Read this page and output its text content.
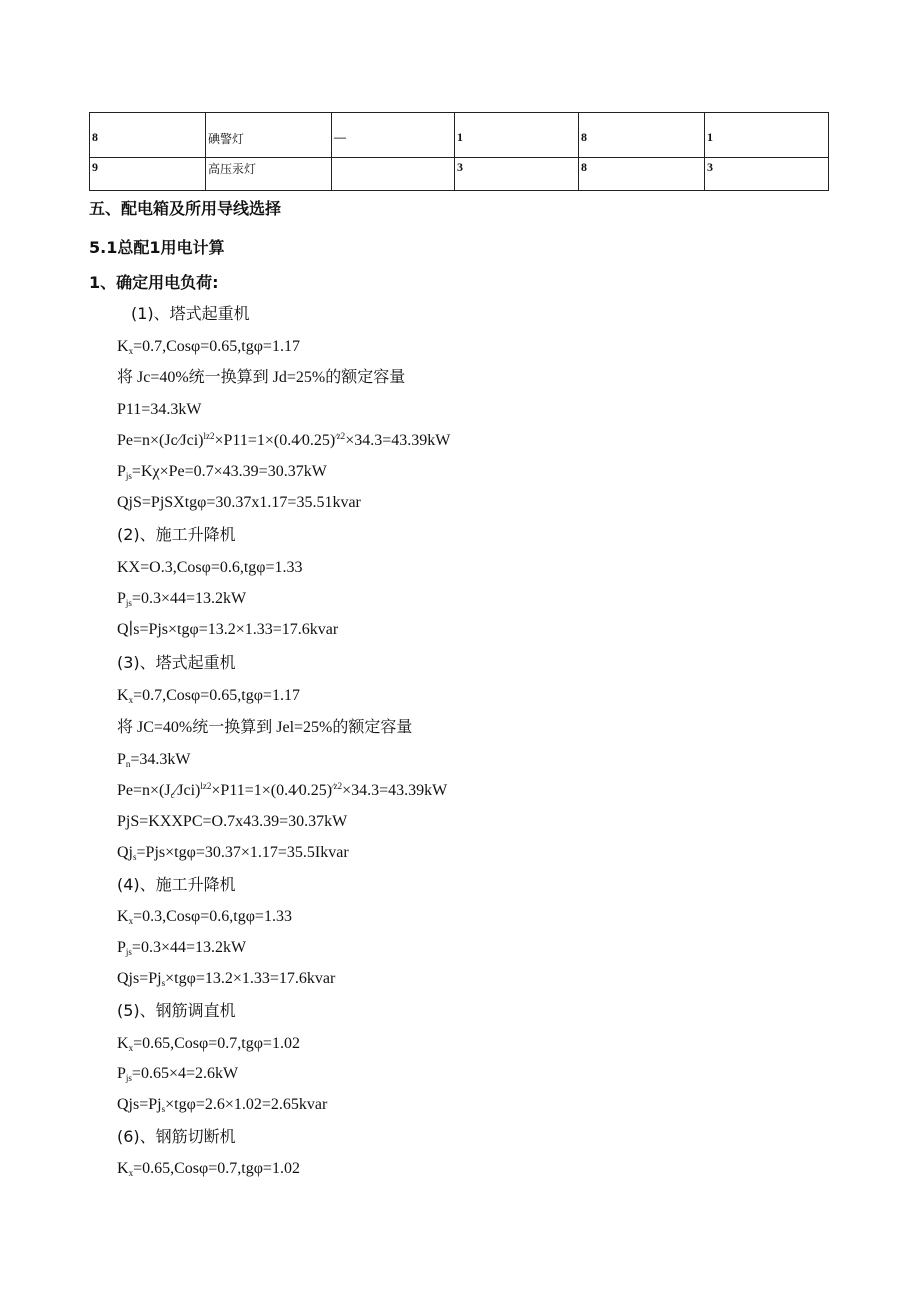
8	碘警灯	—	1	8	1
9	高压汞灯		3	8	3
五、配电箱及所用导线选择
5.1总配1用电计算
1、确定用电负荷:
(1)、塔式起重机
$K_x=0.7,Cos\varphi=0.65,tg\varphi=1.17$
将 Jc=40%统一换算到 Jd=25%的额定容量
P11=34.3kW
Pe=n×(Jc⁄Jci)$^{lz2}$×P11=1×(0.4⁄0.25)$^{∕z2}$×34.3=43.39kW
$P_{js}=K\chi\times Pe=0.7\times 43.39=30.37kW$
QjS=PjSXtgφ=30.37x1.17=35.51kvar
(2)、施工升降机
KX=O.3,Cosφ=0.6,tgφ=1.33
$P_{js}=0.3\times 44=13.2kW$
Q∣s=Pjs×tgφ=13.2×1.33=17.6kvar
(3)、塔式起重机
$K_x=0.7,Cos\varphi=0.65,tg\varphi=1.17$
将 JC=40%统一换算到 Jel=25%的额定容量
$P_n=34.3kW$
$Pe=n\times(J_c⁄Jci)^{lz2}\times P11=1\times(0.4⁄0.25)^{∕z2}\times 34.3=43.39kW$
PjS=KXXPC=O.7x43.39=30.37kW
$Qj_s=Pjs\times tg\varphi=30.37\times 1.17=35.5Ikvar$
(4)、施工升降机
$K_x=0.3,Cos\varphi=0.6,tg\varphi=1.33$
$P_{js}=0.3\times 44=13.2kW$
$Qjs=Pj_s\times tg\varphi=13.2\times 1.33=17.6kvar$
(5)、钢筋调直机
$K_x=0.65,Cos\varphi=0.7,tg\varphi=1.02$
$P_{js}=0.65\times 4=2.6kW$
$Qjs=Pj_s\times tg\varphi=2.6\times 1.02=2.65kvar$
(6)、钢筋切断机
$K_x=0.65,Cos\varphi=0.7,tg\varphi=1.02$
